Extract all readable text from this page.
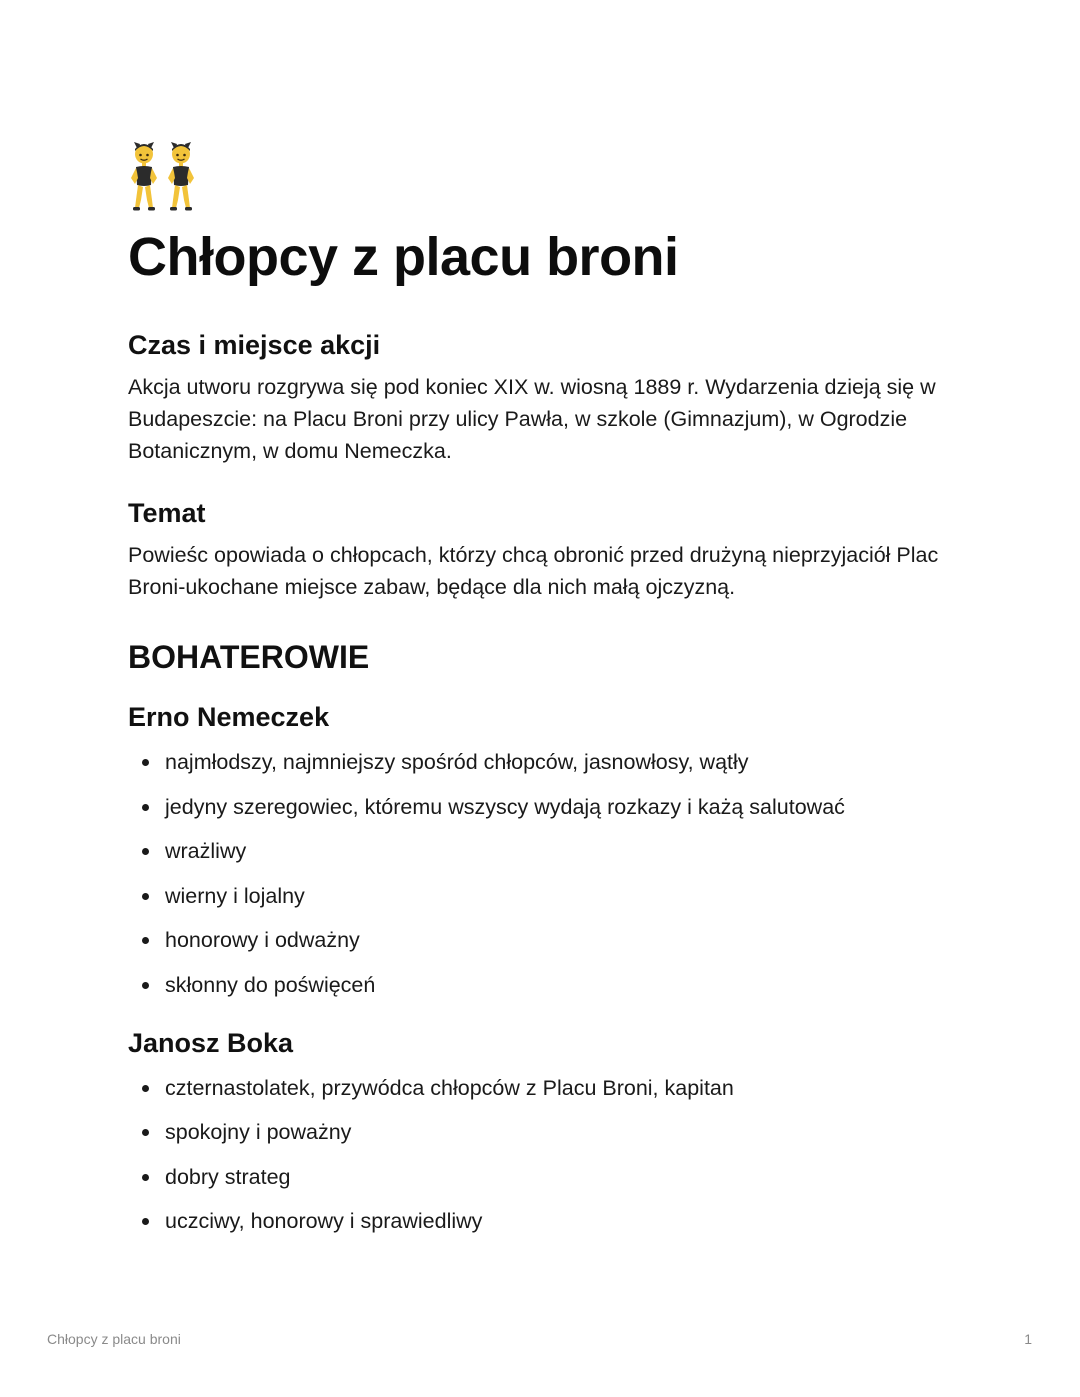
Chłopcy z placu broni
Czas i miejsce akcji

Akcja utworu rozgrywa się pod koniec XIX w. wiosną 1889 r. Wydarzenia dzieją się w Budapeszcie: na Placu Broni przy ulicy Pawła, w szkole (Gimnazjum), w Ogrodzie Botanicznym, w domu Nemeczka.

Temat

Powieśc opowiada o chłopcach, którzy chcą obronić przed drużyną nieprzyjaciół Plac Broni-ukochane miejsce zabaw, będące dla nich małą ojczyzną.

BOHATEROWIE
Erno Nemeczek
najmłodszy, najmniejszy spośród chłopców, jasnowłosy, wątły
jedyny szeregowiec, któremu wszyscy wydają rozkazy i każą salutować
wrażliwy
wierny i lojalny
honorowy i odważny
skłonny do poświęceń
Janosz Boka
czternastolatek, przywódca chłopców z Placu Broni, kapitan
spokojny i poważny
dobry strateg
uczciwy, honorowy i sprawiedliwy
Chłopcy z placu broni	1
